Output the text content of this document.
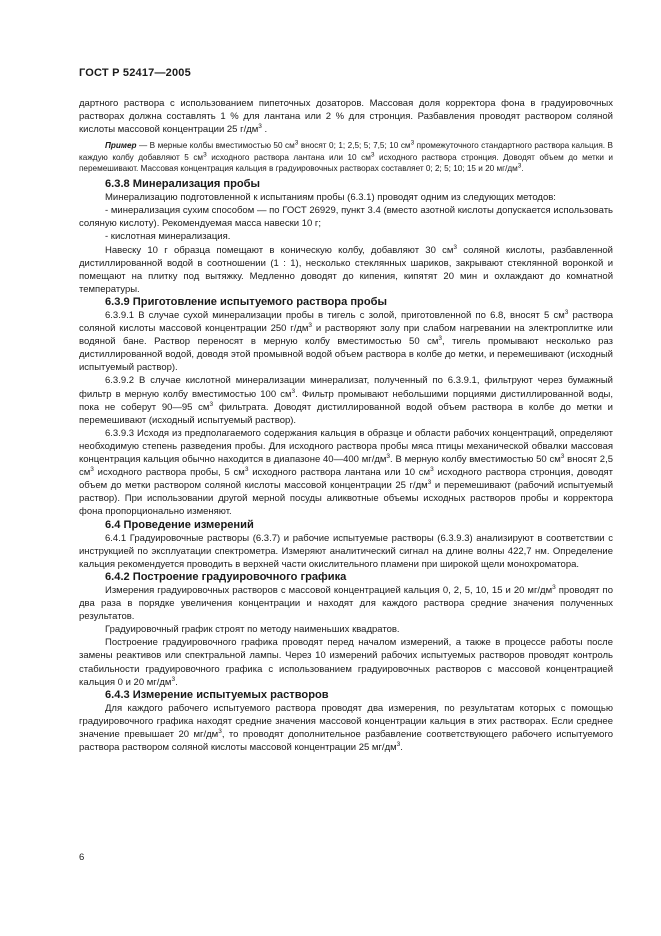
ГОСТ Р 52417—2005

дартного раствора с использованием пипеточных дозаторов. Массовая доля корректора фона в градуировочных растворах должна составлять 1 % для лантана или 2 % для стронция. Разбавления проводят раствором соляной кислоты массовой концентрации 25 $г/дм^3$ .

Пример — В мерные колбы вместимостью 50 $см^3$ вносят 0; 1; 2,5; 5; 7,5; 10 $см^3$ промежуточного стандартного раствора кальция. В каждую колбу добавляют 5 $см^3$ исходного раствора лантана или 10 $см^3$ исходного раствора стронция. Доводят объем до метки и перемешивают. Массовая концентрация кальция в градуировочных растворах составляет 0; 2; 5; 10; 15 и 20 $мг/дм^3$.

6.3.8 Минерализация пробы

Минерализацию подготовленной к испытаниям пробы (6.3.1) проводят одним из следующих методов:

- минерализация сухим способом — по ГОСТ 26929, пункт 3.4 (вместо азотной кислоты допускается использовать соляную кислоту). Рекомендуемая масса навески 10 г;

- кислотная минерализация.

Навеску 10 г образца помещают в коническую колбу, добавляют 30 $см^3$ соляной кислоты, разбавленной дистиллированной водой в соотношении (1 : 1), несколько стеклянных шариков, закрывают стеклянной воронкой и помещают на плитку под вытяжку. Медленно доводят до кипения, кипятят 20 мин и охлаждают до комнатной температуры.

6.3.9 Приготовление испытуемого раствора пробы

6.3.9.1 В случае сухой минерализации пробы в тигель с золой, приготовленной по 6.8, вносят 5 $см^3$ раствора соляной кислоты массовой концентрации 250 $г/дм^3$ и растворяют золу при слабом нагревании на электроплитке или водяной бане. Раствор переносят в мерную колбу вместимостью 50 $см^3$, тигель промывают несколько раз дистиллированной водой, доводя этой промывной водой объем раствора в колбе до метки, и перемешивают (исходный испытуемый раствор).

6.3.9.2 В случае кислотной минерализации минерализат, полученный по 6.3.9.1, фильтруют через бумажный фильтр в мерную колбу вместимостью 100 $см^3$. Фильтр промывают небольшими порциями дистиллированной воды, пока не соберут 90—95 $см^3$ фильтрата. Доводят дистиллированной водой объем раствора в колбе до метки и перемешивают (исходный испытуемый раствор).

6.3.9.3 Исходя из предполагаемого содержания кальция в образце и области рабочих концентраций, определяют необходимую степень разведения пробы. Для исходного раствора пробы мяса птицы механической обвалки массовая концентрация кальция обычно находится в диапазоне 40—400 $мг/дм^3$. В мерную колбу вместимостью 50 $см^3$ вносят 2,5 $см^3$ исходного раствора пробы, 5 $см^3$ исходного раствора лантана или 10 $см^3$ исходного раствора стронция, доводят объем до метки раствором соляной кислоты массовой концентрации 25 $г/дм^3$ и перемешивают (рабочий испытуемый раствор). При использовании другой мерной посуды аликвотные объемы исходных растворов пробы и корректора фона пропорционально изменяют.

6.4 Проведение измерений

6.4.1 Градуировочные растворы (6.3.7) и рабочие испытуемые растворы (6.3.9.3) анализируют в соответствии с инструкцией по эксплуатации спектрометра. Измеряют аналитический сигнал на длине волны 422,7 нм. Определение кальция рекомендуется проводить в верхней части окислительного пламени при широкой щели монохроматора.

6.4.2 Построение градуировочного графика

Измерения градуировочных растворов с массовой концентрацией кальция 0, 2, 5, 10, 15 и 20 $мг/дм^3$ проводят по два раза в порядке увеличения концентрации и находят для каждого раствора средние значения полученных результатов.

Градуировочный график строят по методу наименьших квадратов.

Построение градуировочного графика проводят перед началом измерений, а также в процессе работы после замены реактивов или спектральной лампы. Через 10 измерений рабочих испытуемых растворов проводят контроль стабильности градуировочного графика с использованием градуировочных растворов с массовой концентрацией кальция 0 и 20 $мг/дм^3$.

6.4.3 Измерение испытуемых растворов

Для каждого рабочего испытуемого раствора проводят два измерения, по результатам которых с помощью градуировочного графика находят средние значения массовой концентрации кальция в этих растворах. Если среднее значение превышает 20 $мг/дм^3$, то проводят дополнительное разбавление соответствующего рабочего испытуемого раствора раствором соляной кислоты массовой концентрации 25 $мг/дм^3$.

6
